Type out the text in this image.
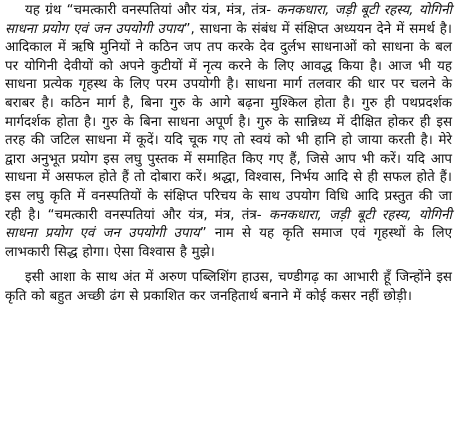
यह ग्रंथ “चमत्कारी वनस्पतियां और यंत्र, मंत्र, तंत्र- कनकधारा, जड़ी बूटी रहस्य, योगिनी साधना प्रयोग एवं जन उपयोगी उपाय”, साधना के संबंध में संक्षिप्त अध्ययन देने में समर्थ है। आदिकाल में ऋषि मुनियों ने कठिन जप तप करके देव दुर्लभ साधनाओं को साधना के बल पर योगिनी देवीयों को अपने कुटीयों में नृत्य करने के लिए आवद्ध किया है। आज भी यह साधना प्रत्येक गृहस्थ के लिए परम उपयोगी है। साधना मार्ग तलवार की धार पर चलने के बराबर है। कठिन मार्ग है, बिना गुरु के आगे बढ़ना मुश्किल होता है। गुरु ही पथप्रदर्शक मार्गदर्शक होता है। गुरु के बिना साधना अपूर्ण है। गुरु के सान्निध्य में दीक्षित होकर ही इस तरह की जटिल साधना में कूदें। यदि चूक गए तो स्वयं को भी हानि हो जाया करती है। मेरे द्वारा अनुभूत प्रयोग इस लघु पुस्तक में समाहित किए गए हैं, जिसे आप भी करें। यदि आप साधना में असफल होते हैं तो दोबारा करें। श्रद्धा, विश्वास, निर्भय आदि से ही सफल होते हैं। इस लघु कृति में वनस्पतियों के संक्षिप्त परिचय के साथ उपयोग विधि आदि प्रस्तुत की जा रही है। “चमत्कारी वनस्पतियां और यंत्र, मंत्र, तंत्र- कनकधारा, जड़ी बूटी रहस्य, योगिनी साधना प्रयोग एवं जन उपयोगी उपाय” नाम से यह कृति समाज एवं गृहस्थों के लिए लाभकारी सिद्ध होगा। ऐसा विश्वास है मुझे।

इसी आशा के साथ अंत में अरुण पब्लिशिंग हाउस, चण्डीगढ़ का आभारी हूँ जिन्होंने इस कृति को बहुत अच्छी ढंग से प्रकाशित कर जनहितार्थ बनाने में कोई कसर नहीं छोड़ी।
